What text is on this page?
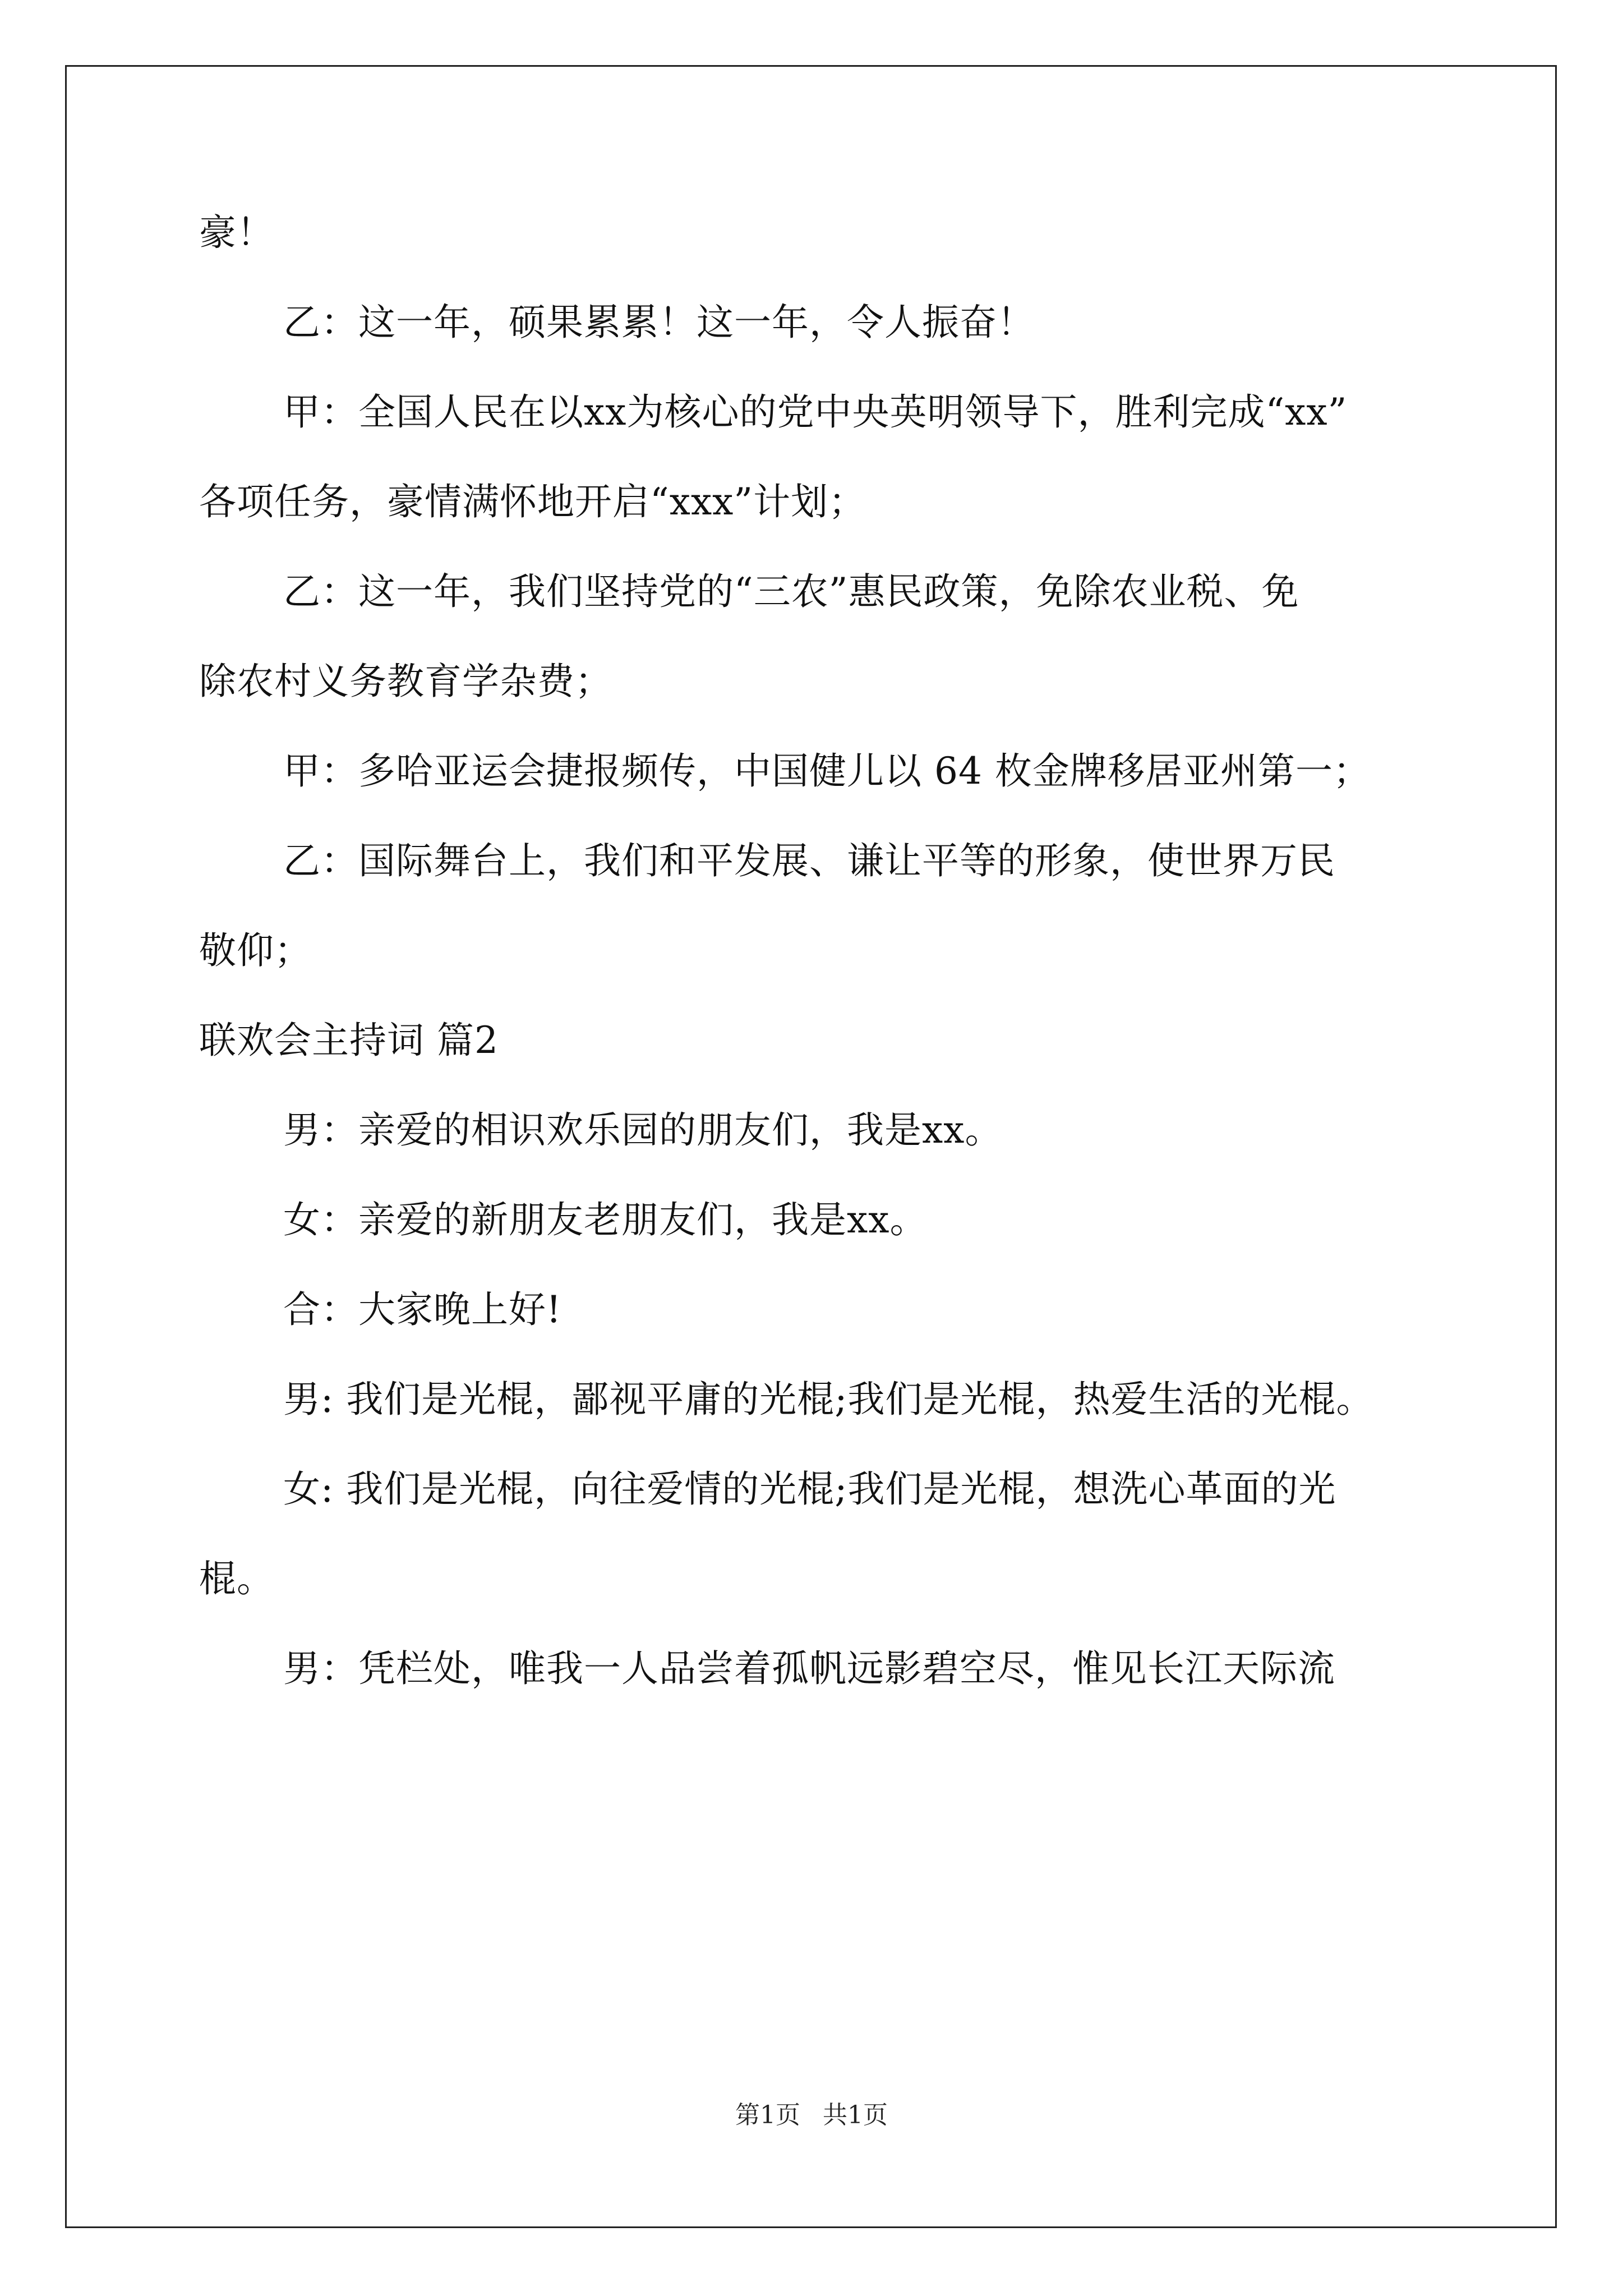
豪！
乙：这一年，硕果累累！这一年，令人振奋！
甲：全国人民在以xx为核心的党中央英明领导下，胜利完成“xx”
各项任务，豪情满怀地开启“xxx”计划；
乙：这一年，我们坚持党的“三农”惠民政策，免除农业税、免
除农村义务教育学杂费；
甲：多哈亚运会捷报频传，中国健儿以 64 枚金牌移居亚州第一；
乙：国际舞台上，我们和平发展、谦让平等的形象，使世界万民
敬仰；
联欢会主持词 篇2
男：亲爱的相识欢乐园的朋友们，我是xx。
女：亲爱的新朋友老朋友们，我是xx。
合：大家晚上好!
男: 我们是光棍，鄙视平庸的光棍;我们是光棍，热爱生活的光棍。
女: 我们是光棍，向往爱情的光棍;我们是光棍，想洗心革面的光
棍。
男：凭栏处，唯我一人品尝着孤帆远影碧空尽，惟见长江天际流
第1页 共1页
